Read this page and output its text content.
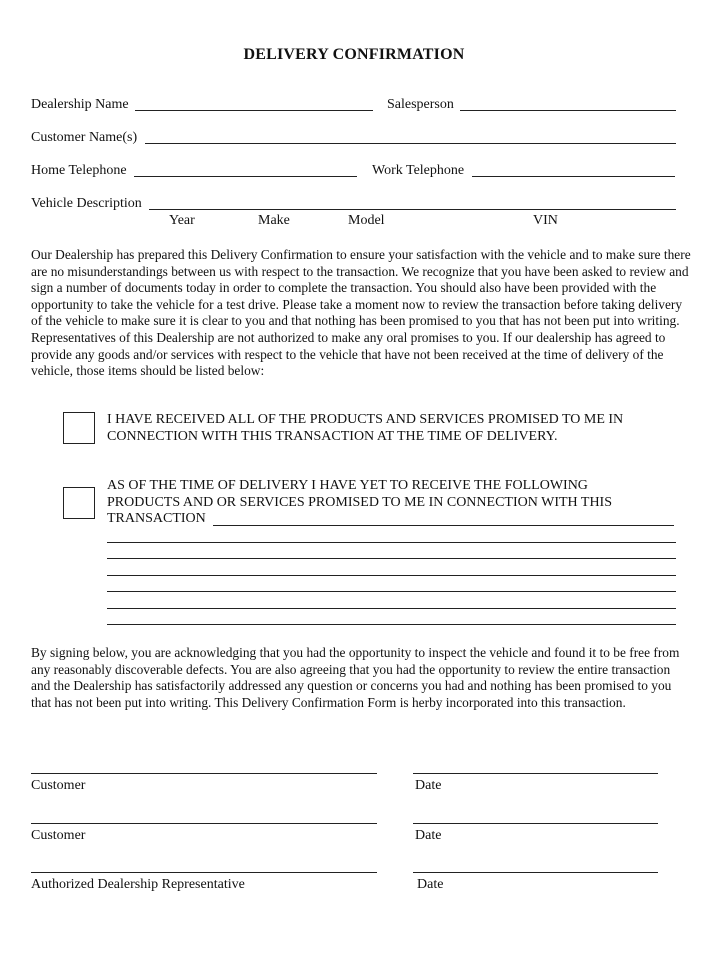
DELIVERY CONFIRMATION
Dealership Name	Salesperson
Customer Name(s)
Home Telephone	Work Telephone
Vehicle Description
Year	Make	Model	VIN

Our Dealership has prepared this Delivery Confirmation to ensure your satisfaction with the vehicle and to make sure there are no misunderstandings between us with respect to the transaction. We recognize that you have been asked to review and sign a number of documents today in order to complete the transaction. You should also have been provided with the opportunity to take the vehicle for a test drive. Please take a moment now to review the transaction before taking delivery of the vehicle to make sure it is clear to you and that nothing has been promised to you that has not been put into writing. Representatives of this Dealership are not authorized to make any oral promises to you. If our dealership has agreed to provide any goods and/or services with respect to the vehicle that have not been received at the time of delivery of the vehicle, those items should be listed below:

I HAVE RECEIVED ALL OF THE PRODUCTS AND SERVICES PROMISED TO ME IN CONNECTION WITH THIS TRANSACTION AT THE TIME OF DELIVERY.
AS OF THE TIME OF DELIVERY I HAVE YET TO RECEIVE THE FOLLOWING
PRODUCTS AND OR SERVICES PROMISED TO ME IN CONNECTION WITH THIS
TRANSACTION

By signing below, you are acknowledging that you had the opportunity to inspect the vehicle and found it to be free from any reasonably discoverable defects. You are also agreeing that you had the opportunity to review the entire transaction and the Dealership has satisfactorily addressed any question or concerns you had and nothing has been promised to you that has not been put into writing. This Delivery Confirmation Form is herby incorporated into this transaction.

Customer	Date
Customer	Date
Authorized Dealership Representative	Date
